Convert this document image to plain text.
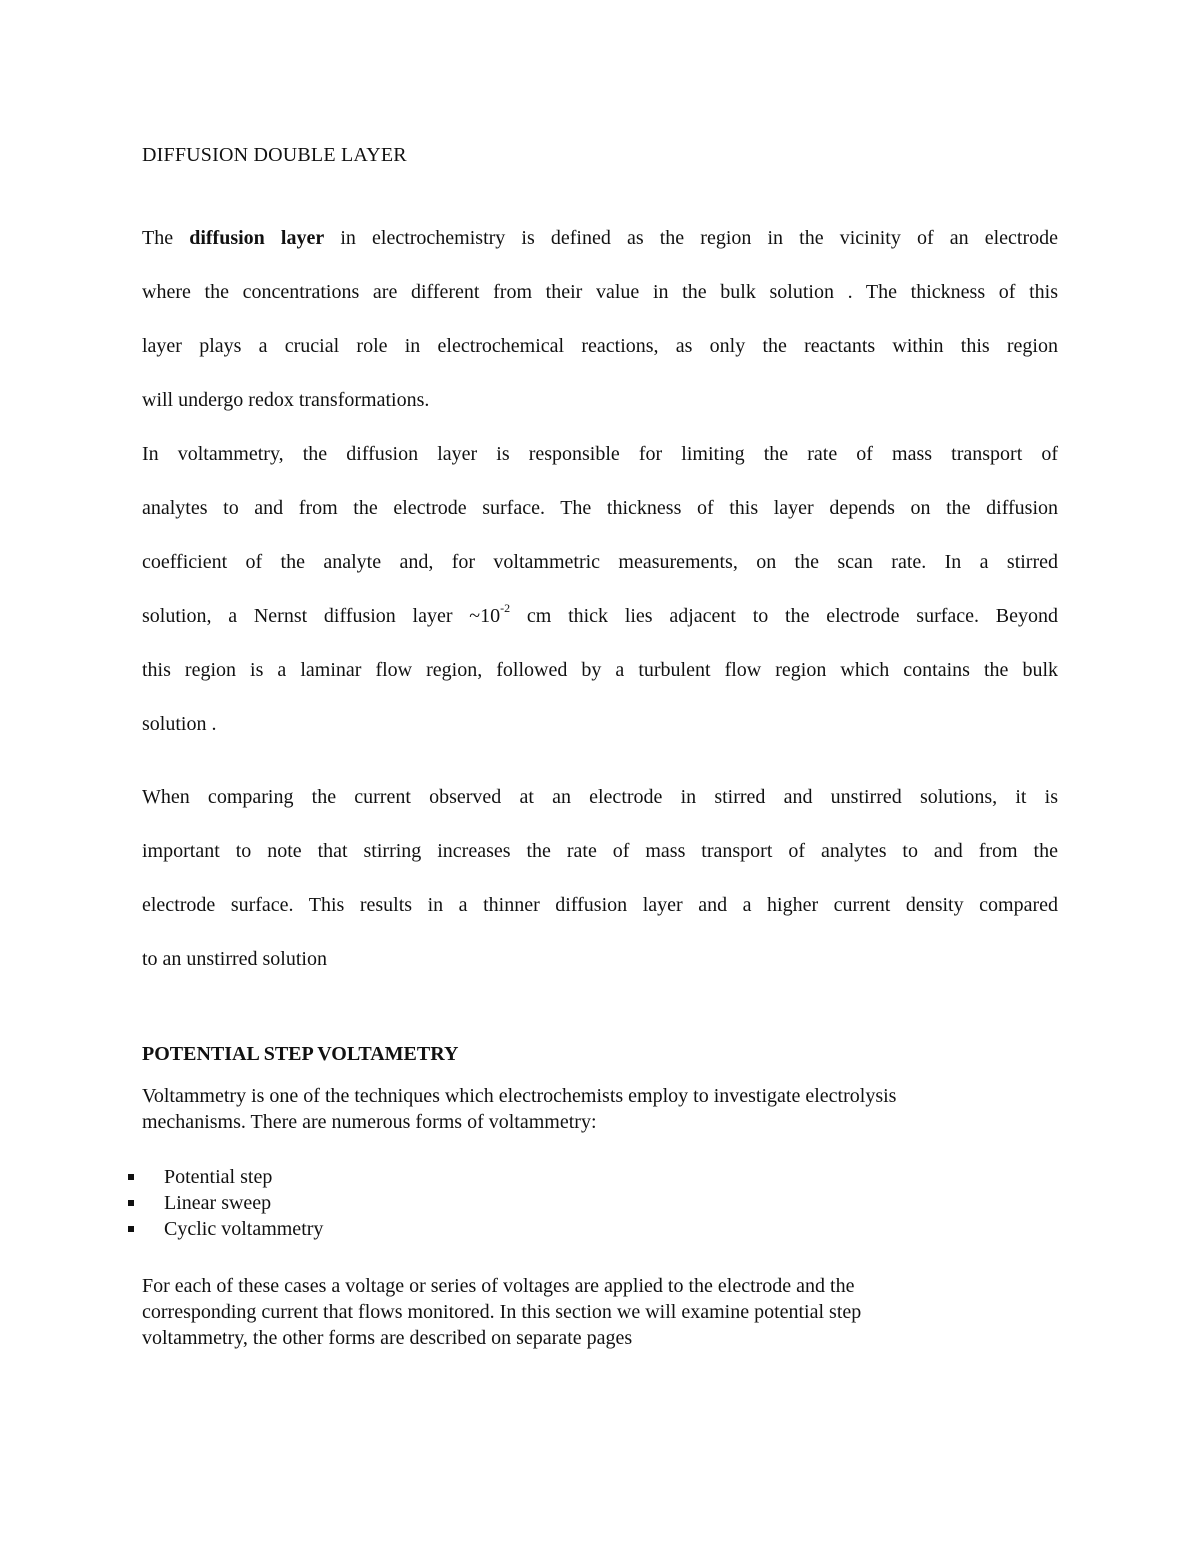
DIFFUSION DOUBLE LAYER
The diffusion layer in electrochemistry is defined as the region in the vicinity of an electrode
where the concentrations are different from their value in the bulk solution . The thickness of this
layer plays a crucial role in electrochemical reactions, as only the reactants within this region
will undergo redox transformations.
In voltammetry, the diffusion layer is responsible for limiting the rate of mass transport of
analytes to and from the electrode surface. The thickness of this layer depends on the diffusion
coefficient of the analyte and, for voltammetric measurements, on the scan rate. In a stirred
solution, a Nernst diffusion layer $\sim 10^{-2}$ cm thick lies adjacent to the electrode surface. Beyond
this region is a laminar flow region, followed by a turbulent flow region which contains the bulk
solution .
When comparing the current observed at an electrode in stirred and unstirred solutions, it is
important to note that stirring increases the rate of mass transport of analytes to and from the
electrode surface. This results in a thinner diffusion layer and a higher current density compared
to an unstirred solution
POTENTIAL STEP VOLTAMETRY
Voltammetry is one of the techniques which electrochemists employ to investigate electrolysis
mechanisms. There are numerous forms of voltammetry:
Potential step
Linear sweep
Cyclic voltammetry
For each of these cases a voltage or series of voltages are applied to the electrode and the
corresponding current that flows monitored. In this section we will examine potential step
voltammetry, the other forms are described on separate pages
